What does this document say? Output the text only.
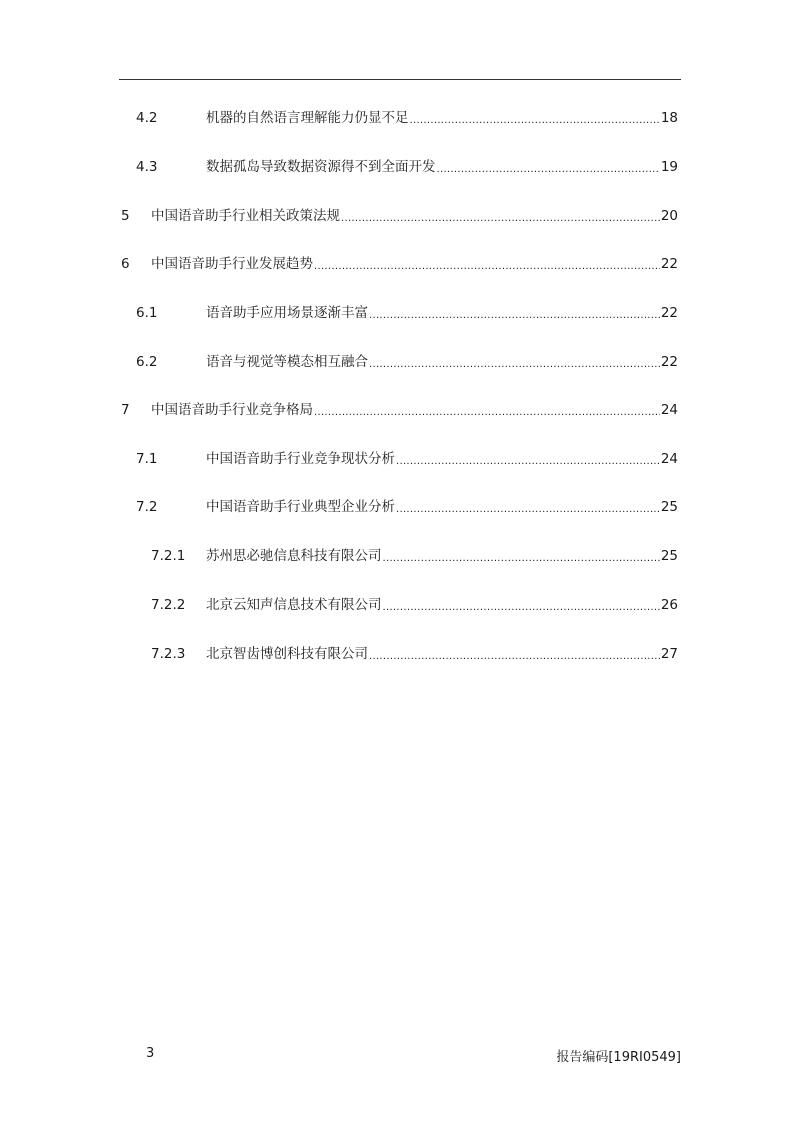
4.2	机器的自然语言理解能力仍显不足 .....	18
4.3	数据孤岛导致数据资源得不到全面开发 .....	19
5	中国语音助手行业相关政策法规 .....	20
6	中国语音助手行业发展趋势 .....	22
6.1	语音助手应用场景逐渐丰富 .....	22
6.2	语音与视觉等模态相互融合 .....	22
7	中国语音助手行业竞争格局 .....	24
7.1	中国语音助手行业竞争现状分析 .....	24
7.2	中国语音助手行业典型企业分析 .....	25
7.2.1	苏州思必驰信息科技有限公司 .....	25
7.2.2	北京云知声信息技术有限公司 .....	26
7.2.3	北京智齿博创科技有限公司 .....	27
3	报告编码[19RI0549]
